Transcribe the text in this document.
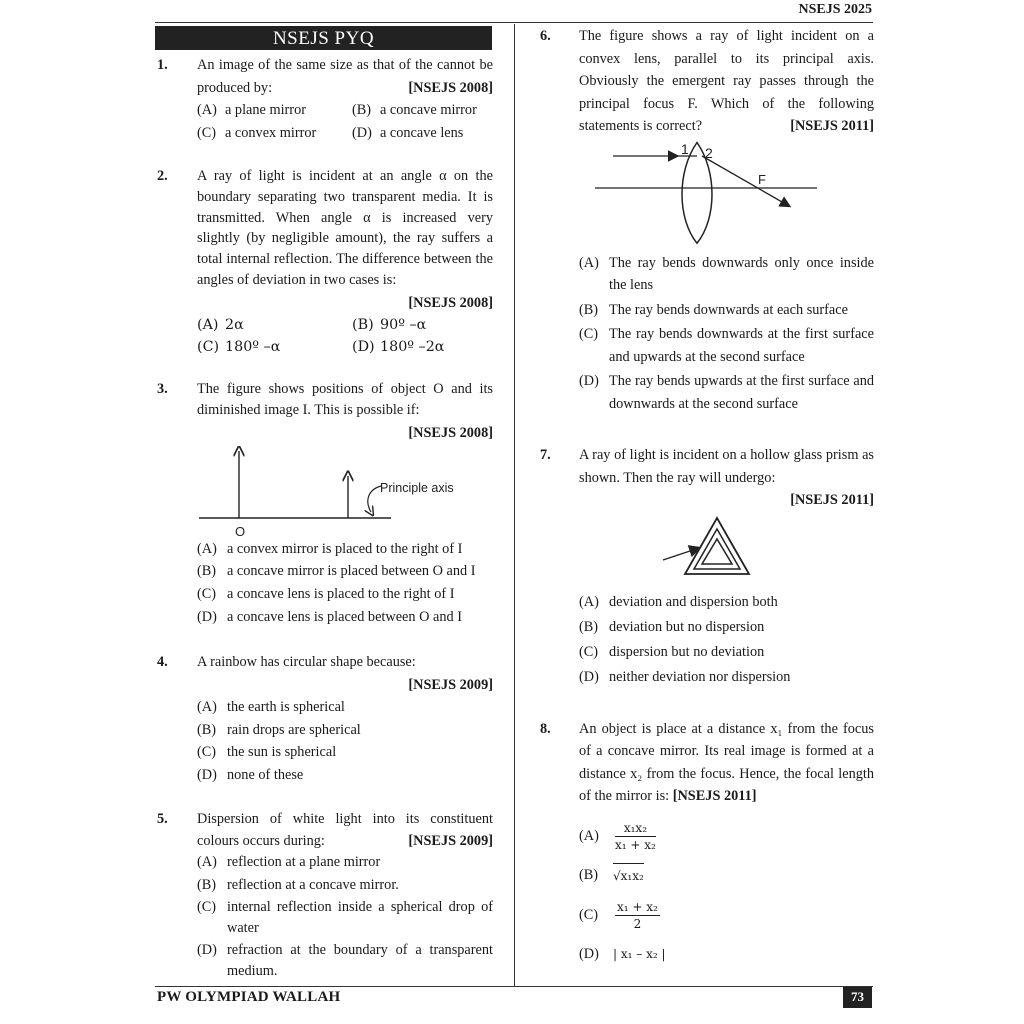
NSEJS 2025
PW OLYMPIAD WALLAH	73
NSEJS PYQ
1. An image of the same size as that of the cannot be produced by:	[NSEJS 2008]
(A) a plane mirror	(B) a concave mirror
(C) a convex mirror (D) a concave lens
2. A ray of light is incident at an angle α on the boundary separating two transparent media. It is transmitted. When angle α is increased very slightly (by negligible amount), the ray suffers a total internal reflection. The difference between the angles of deviation in two cases is:
[NSEJS 2008]
(A) 2α	(B) 90º –α
(C) 180º –α	(D) 180º –2α
3. The figure shows positions of object O and its diminished image I. This is possible if:
[NSEJS 2008]
Principle axis
O
(A) a convex mirror is placed to the right of I
(B) a concave mirror is placed between O and I
(C) a concave lens is placed to the right of I
(D) a concave lens is placed between O and I
4. A rainbow has circular shape because:
[NSEJS 2009]
(A) the earth is spherical
(B) rain drops are spherical
(C) the sun is spherical
(D) none of these
5. Dispersion of white light into its constituent colours occurs during:	[NSEJS 2009]
(A) reflection at a plane mirror
(B) reflection at a concave mirror.
(C) internal reflection inside a spherical drop of water
(D) refraction at the boundary of a transparent medium.
6. The figure shows a ray of light incident on a convex lens, parallel to its principal axis. Obviously the emergent ray passes through the principal focus F. Which of the following statements is correct?	[NSEJS 2011]
1 2
F
(A) The ray bends downwards only once inside the lens
(B) The ray bends downwards at each surface
(C) The ray bends downwards at the first surface and upwards at the second surface
(D) The ray bends upwards at the first surface and downwards at the second surface
7. A ray of light is incident on a hollow glass prism as shown. Then the ray will undergo:
[NSEJS 2011]
(A) deviation and dispersion both
(B) deviation but no dispersion
(C) dispersion but no deviation
(D) neither deviation nor dispersion
8. An object is place at a distance x₁ from the focus of a concave mirror. Its real image is formed at a distance x₂ from the focus. Hence, the focal length of the mirror is: [NSEJS 2011]
(A)	$\frac{\text{x₁x₂}}{\text{x₁ + x₂}}$
(B)	√x₁x₂
(C)	$\frac{\text{x₁ + x₂}}{2}$
(D)	| x₁ – x₂ |
